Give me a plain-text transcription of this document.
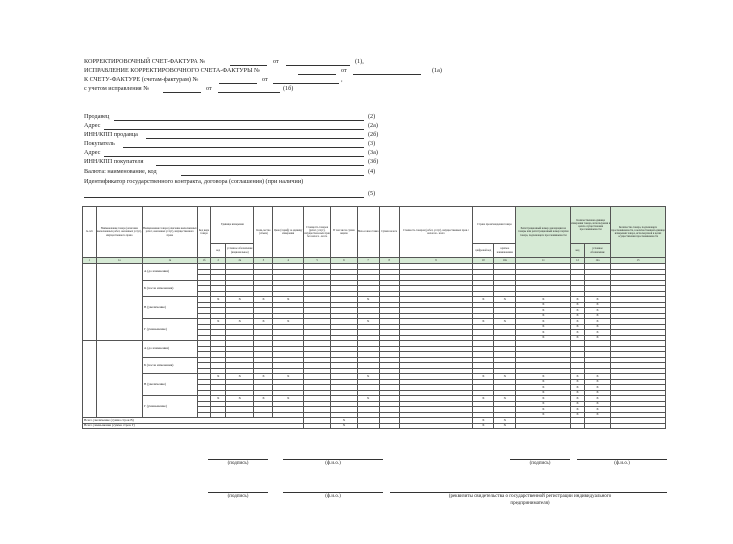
КОРРЕКТИРОВОЧНЫЙ СЧЕТ-ФАКТУРА №	от	(1),
ИСПРАВЛЕНИЕ КОРРЕКТИРОВОЧНОГО СЧЕТА-ФАКТУРЫ №	от	(1а)
К СЧЕТУ-ФАКТУРЕ (счетам-фактурам) №	от	,
с учетом исправления №	от	(1б)
Продавец	(2)
Адрес	(2а)
ИНН/КПП продавца	(2б)
Покупатель	(3)
Адрес	(3а)
ИНН/КПП покупателя	(3б)
Валюта: наименование, код	(4)
Идентификатор государственного контракта, договора (соглашения) (при наличии)
(5)
№ п/п	Наименование товара (описание выполненных работ, оказанных услуг), имущественного права	Наименование товара (описание выполненных работ, оказанных услуг), имущественного права	Код вида товара	Единица измерения		Коли-чество (объем)	Цена (тариф) за единицу измерения	Стоимость товаров (работ, услуг), имуществен-ных прав без налога - всего	В том числе сумма акциза	Нало-говая ставка	Сумма налога	Стоимость товаров (работ, услуг), имущественных прав с налогом - всего	Страна происхождения товара		Регистрационный номер декларации на товары или регистрационный номер партии товара, подлежащего прослеживаемости	Количественная единица измерения товара, используемая в целях осуществления прослеживаемости		Количество товара, подлежащего прослеживаемости, в количественной единице измерения товара, используемой в целях осуществления прослеживаемости
				код	условное обозначение (национальное)								цифровой код	краткое наименование		код	условное обозначение	
1	1а	1а	1б	2	2а	3	4	5	6	7	8	9	10	10а	11	12	12а	13
		А (до изменения)																

		Б (после изменения)																

		В (увеличение)		Х	Х	Х	Х			Х			Х	Х	Х	Х	Х	
															Х	Х	Х	
															Х	Х	Х	
															Х	Х	Х	
		Г (уменьшение)		Х	Х	Х	Х			Х			Х	Х	Х	Х	Х	
															Х	Х	Х	
															Х	Х	Х	
															Х	Х	Х	
		А (до изменения)																

		Б (после изменения)																

		В (увеличение)		Х	Х	Х	Х			Х			Х	Х	Х	Х	Х	
															Х	Х	Х	
															Х	Х	Х	
															Х	Х	Х	
		Г (уменьшение)		Х	Х	Х	Х			Х			Х	Х	Х	Х	Х	
															Х	Х	Х	
															Х	Х	Х	
															Х	Х	Х	
Всего увеличение (сумма строк В)									Х				Х	Х				
Всего уменьшение (сумма строк Г)									Х				Х	Х				
(подпись)	(ф.и.о.)	(подпись)	(ф.и.о.)
(подпись)	(ф.и.о.)	(реквизиты свидетельства о государственной регистрации индивидуального предпринимателя)
